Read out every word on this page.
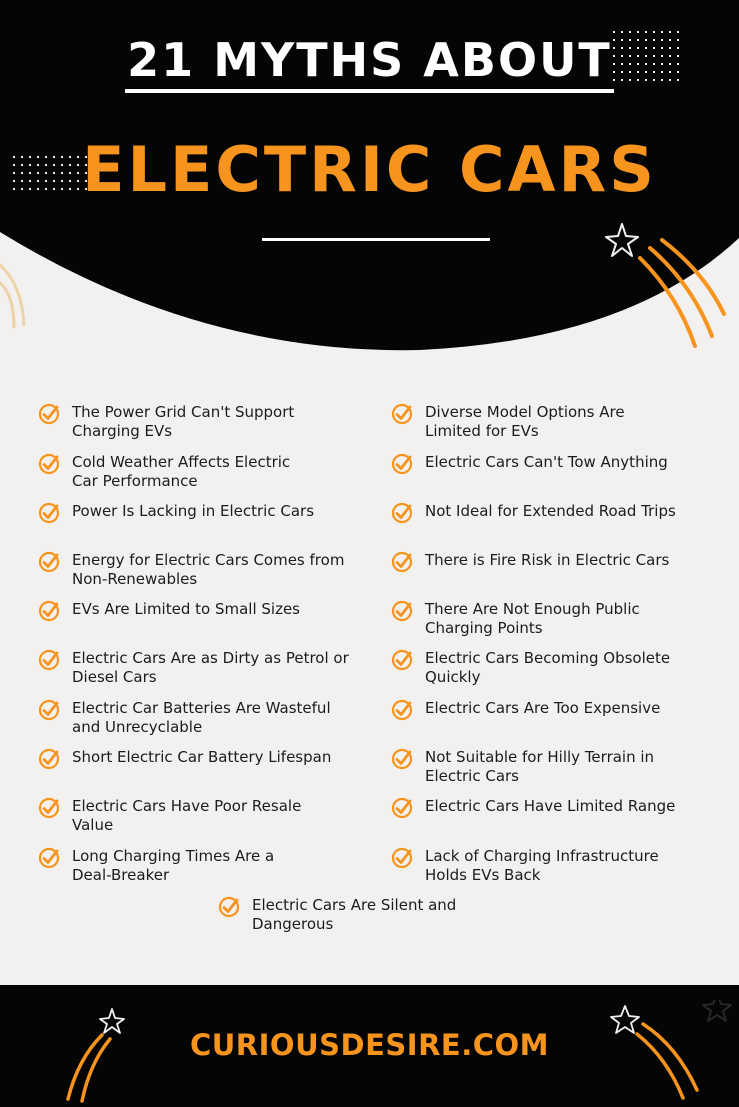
21 MYTHS ABOUT
ELECTRIC CARS
The Power Grid Can't Support
Charging EVs
Cold Weather Affects Electric
Car Performance
Power Is Lacking in Electric Cars
Energy for Electric Cars Comes from
Non-Renewables
EVs Are Limited to Small Sizes
Electric Cars Are as Dirty as Petrol or
Diesel Cars
Electric Car Batteries Are Wasteful
and Unrecyclable
Short Electric Car Battery Lifespan
Electric Cars Have Poor Resale
Value
Long Charging Times Are a
Deal-Breaker
Diverse Model Options Are
Limited for EVs
Electric Cars Can't Tow Anything
Not Ideal for Extended Road Trips
There is Fire Risk in Electric Cars
There Are Not Enough Public
Charging Points
Electric Cars Becoming Obsolete
Quickly
Electric Cars Are Too Expensive
Not Suitable for Hilly Terrain in
Electric Cars
Electric Cars Have Limited Range
Lack of Charging Infrastructure
Holds EVs Back
Electric Cars Are Silent and
Dangerous
CURIOUSDESIRE.COM
